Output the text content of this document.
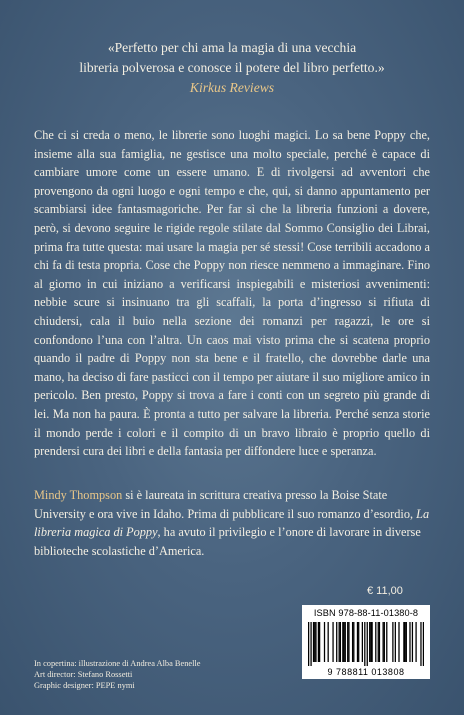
«Perfetto per chi ama la magia di una vecchia
libreria polverosa e conosce il potere del libro perfetto.»
Kirkus Reviews
Che ci si creda o meno, le librerie sono luoghi magici. Lo sa bene Poppy che, insieme alla sua famiglia, ne gestisce una molto speciale, perché è capace di cambiare umore come un essere umano. E di rivolgersi ad avventori che provengono da ogni luogo e ogni tempo e che, qui, si danno appuntamento per scambiarsi idee fantasmagoriche. Per far sì che la libreria funzioni a dovere, però, si devono seguire le rigide regole stilate dal Sommo Consiglio dei Librai, prima fra tutte questa: mai usare la magia per sé stessi! Cose terribili accadono a chi fa di testa propria. Cose che Poppy non riesce nemmeno a immaginare. Fino al giorno in cui iniziano a verificarsi inspiegabili e misteriosi avvenimenti: nebbie scure si insinuano tra gli scaffali, la porta d’ingresso si rifiuta di chiudersi, cala il buio nella sezione dei romanzi per ragazzi, le ore si confondono l’una con l’altra. Un caos mai visto prima che si scatena proprio quando il padre di Poppy non sta bene e il fratello, che dovrebbe darle una mano, ha deciso di fare pasticci con il tempo per aiutare il suo migliore amico in pericolo. Ben presto, Poppy si trova a fare i conti con un segreto più grande di lei. Ma non ha paura. È pronta a tutto per salvare la libreria. Perché senza storie il mondo perde i colori e il compito di un bravo libraio è proprio quello di prendersi cura dei libri e della fantasia per diffondere luce e speranza.
Mindy Thompson si è laureata in scrittura creativa presso la Boise State University e ora vive in Idaho. Prima di pubblicare il suo romanzo d’esordio, La libreria magica di Poppy, ha avuto il privilegio e l’onore di lavorare in diverse biblioteche scolastiche d’America.
€ 11,00
ISBN 978-88-11-01380-8
9 788811 013808
In copertina: illustrazione di Andrea Alba Benelle
Art director: Stefano Rossetti
Graphic designer: PEPE nymi
